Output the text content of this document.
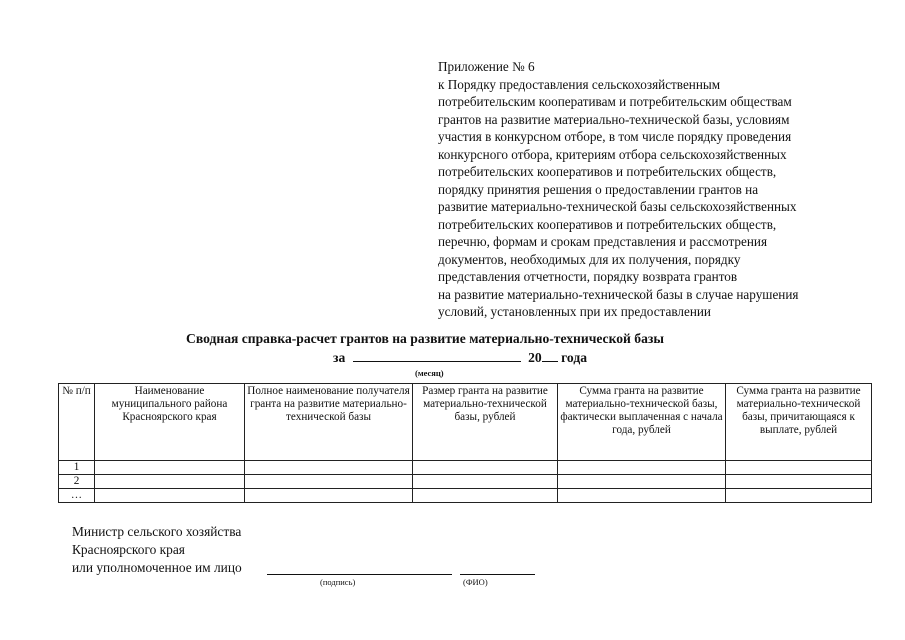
Приложение № 6
к Порядку предоставления сельскохозяйственным
потребительским кооперативам и потребительским обществам
грантов на развитие материально-технической базы, условиям
участия в конкурсном отборе, в том числе порядку проведения
конкурсного отбора, критериям отбора сельскохозяйственных
потребительских кооперативов и потребительских обществ,
порядку принятия решения о предоставлении грантов на
развитие материально-технической базы сельскохозяйственных
потребительских кооперативов и потребительских обществ,
перечню, формам и срокам представления и рассмотрения
документов, необходимых для их получения, порядку
представления отчетности, порядку возврата грантов
на развитие материально-технической базы в случае нарушения
условий, установленных при их предоставлении
Сводная справка-расчет грантов на развитие материально-технической базы
за	20 года
(месяц)
№ п/п	Наименование муниципального района Красноярского края	Полное наименование получателя гранта на развитие материально-технической базы	Размер гранта на развитие материально-технической базы, рублей	Сумма гранта на развитие материально-технической базы, фактически выплаченная с начала года, рублей	Сумма гранта на развитие материально-технической базы, причитающаяся к выплате, рублей
1					
2					
…					
Министр сельского хозяйства
Красноярского края
или уполномоченное им лицо
(подпись)	(ФИО)
